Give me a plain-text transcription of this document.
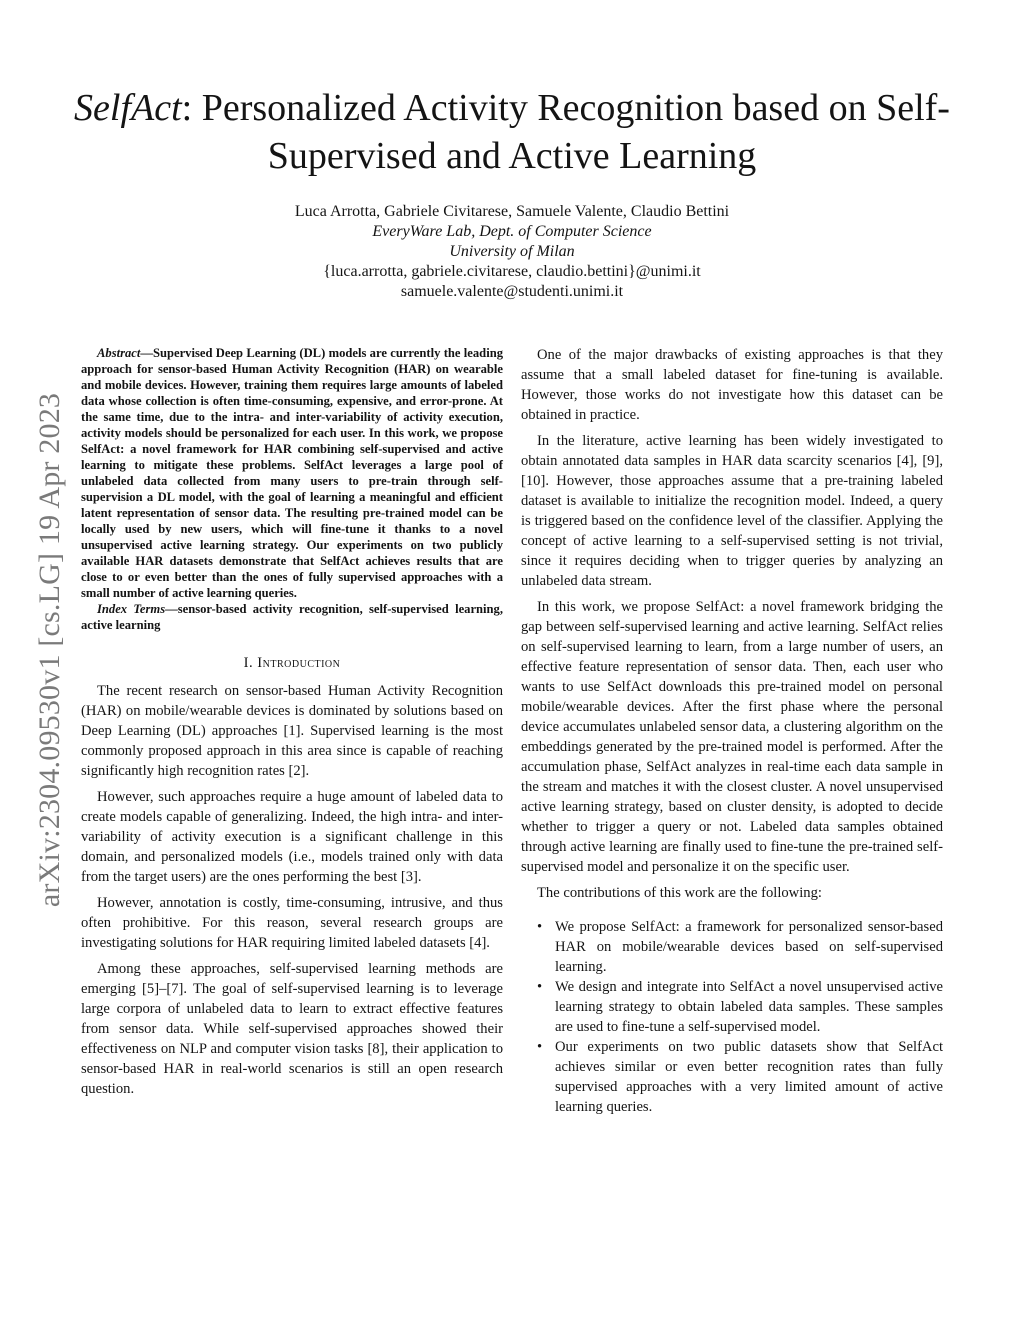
arXiv:2304.09530v1 [cs.LG] 19 Apr 2023
SelfAct: Personalized Activity Recognition based on Self-Supervised and Active Learning
Luca Arrotta, Gabriele Civitarese, Samuele Valente, Claudio Bettini
EveryWare Lab, Dept. of Computer Science
University of Milan
{luca.arrotta, gabriele.civitarese, claudio.bettini}@unimi.it
samuele.valente@studenti.unimi.it
Abstract—Supervised Deep Learning (DL) models are currently the leading approach for sensor-based Human Activity Recognition (HAR) on wearable and mobile devices. However, training them requires large amounts of labeled data whose collection is often time-consuming, expensive, and error-prone. At the same time, due to the intra- and inter-variability of activity execution, activity models should be personalized for each user. In this work, we propose SelfAct: a novel framework for HAR combining self-supervised and active learning to mitigate these problems. SelfAct leverages a large pool of unlabeled data collected from many users to pre-train through self-supervision a DL model, with the goal of learning a meaningful and efficient latent representation of sensor data. The resulting pre-trained model can be locally used by new users, which will fine-tune it thanks to a novel unsupervised active learning strategy. Our experiments on two publicly available HAR datasets demonstrate that SelfAct achieves results that are close to or even better than the ones of fully supervised approaches with a small number of active learning queries.
Index Terms—sensor-based activity recognition, self-supervised learning, active learning
I. Introduction

The recent research on sensor-based Human Activity Recognition (HAR) on mobile/wearable devices is dominated by solutions based on Deep Learning (DL) approaches [1]. Supervised learning is the most commonly proposed approach in this area since is capable of reaching significantly high recognition rates [2].

However, such approaches require a huge amount of labeled data to create models capable of generalizing. Indeed, the high intra- and inter-variability of activity execution is a significant challenge in this domain, and personalized models (i.e., models trained only with data from the target users) are the ones performing the best [3].

However, annotation is costly, time-consuming, intrusive, and thus often prohibitive. For this reason, several research groups are investigating solutions for HAR requiring limited labeled datasets [4].

Among these approaches, self-supervised learning methods are emerging [5]–[7]. The goal of self-supervised learning is to leverage large corpora of unlabeled data to learn to extract effective features from sensor data. While self-supervised approaches showed their effectiveness on NLP and computer vision tasks [8], their application to sensor-based HAR in real-world scenarios is still an open research question.

One of the major drawbacks of existing approaches is that they assume that a small labeled dataset for fine-tuning is available. However, those works do not investigate how this dataset can be obtained in practice.

In the literature, active learning has been widely investigated to obtain annotated data samples in HAR data scarcity scenarios [4], [9], [10]. However, those approaches assume that a pre-training labeled dataset is available to initialize the recognition model. Indeed, a query is triggered based on the confidence level of the classifier. Applying the concept of active learning to a self-supervised setting is not trivial, since it requires deciding when to trigger queries by analyzing an unlabeled data stream.

In this work, we propose SelfAct: a novel framework bridging the gap between self-supervised learning and active learning. SelfAct relies on self-supervised learning to learn, from a large number of users, an effective feature representation of sensor data. Then, each user who wants to use SelfAct downloads this pre-trained model on personal mobile/wearable devices. After the first phase where the personal device accumulates unlabeled sensor data, a clustering algorithm on the embeddings generated by the pre-trained model is performed. After the accumulation phase, SelfAct analyzes in real-time each data sample in the stream and matches it with the closest cluster. A novel unsupervised active learning strategy, based on cluster density, is adopted to decide whether to trigger a query or not. Labeled data samples obtained through active learning are finally used to fine-tune the pre-trained self-supervised model and personalize it on the specific user.

The contributions of this work are the following:

• We propose SelfAct: a framework for personalized sensor-based HAR on mobile/wearable devices based on self-supervised learning.
• We design and integrate into SelfAct a novel unsupervised active learning strategy to obtain labeled data samples. These samples are used to fine-tune a self-supervised model.
• Our experiments on two public datasets show that SelfAct achieves similar or even better recognition rates than fully supervised approaches with a very limited amount of active learning queries.
